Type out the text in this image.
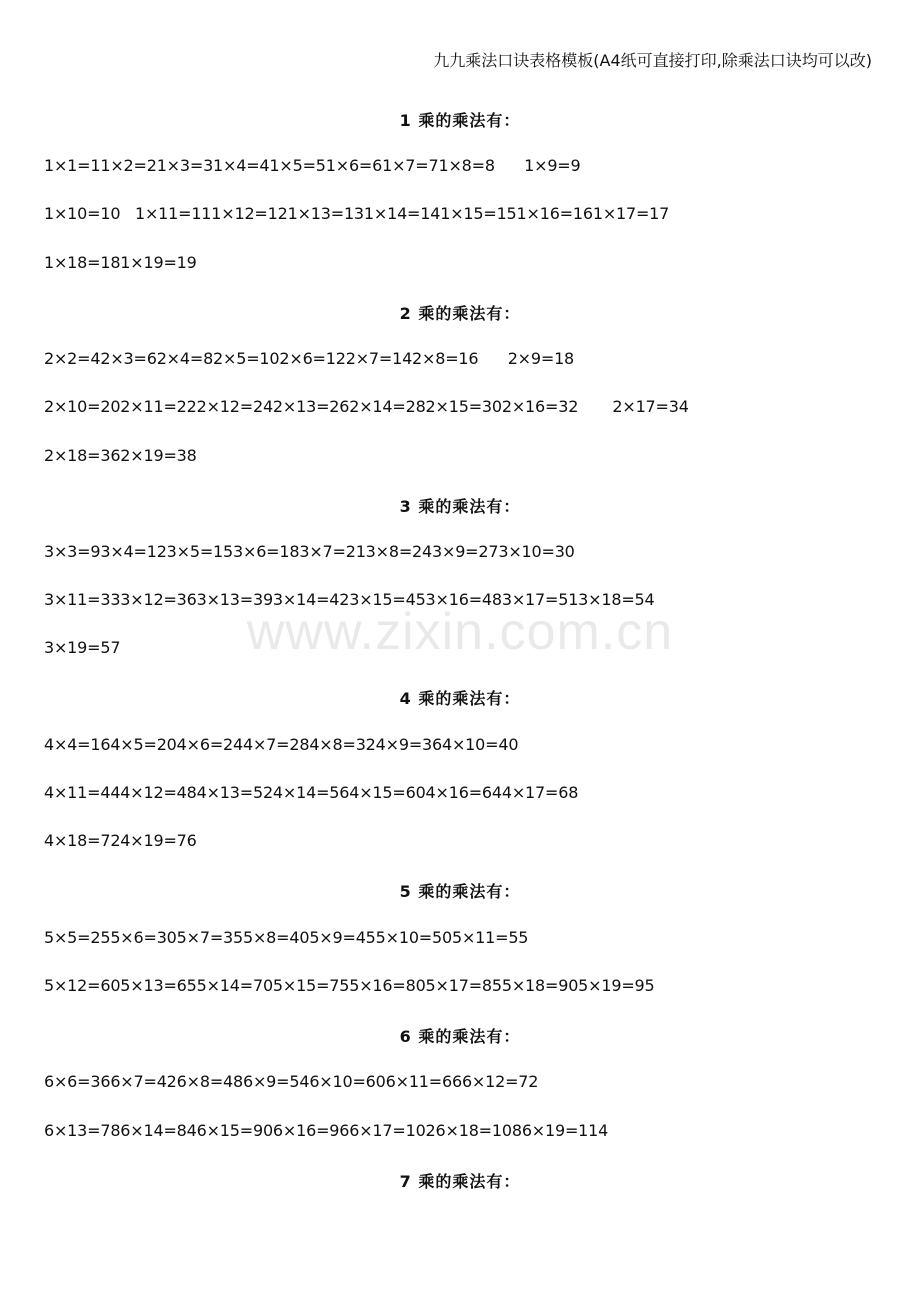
九九乘法口诀表格模板(A4纸可直接打印,除乘法口诀均可以改)
1 乘的乘法有：
1×1=11×2=21×3=31×4=41×5=51×6=61×7=71×8=8      1×9=9
1×10=10   1×11=111×12=121×13=131×14=141×15=151×16=161×17=17
1×18=181×19=19
2 乘的乘法有：
2×2=42×3=62×4=82×5=102×6=122×7=142×8=16      2×9=18
2×10=202×11=222×12=242×13=262×14=282×15=302×16=32       2×17=34
2×18=362×19=38
3 乘的乘法有：
3×3=93×4=123×5=153×6=183×7=213×8=243×9=273×10=30
3×11=333×12=363×13=393×14=423×15=453×16=483×17=513×18=54
3×19=57
4 乘的乘法有：
4×4=164×5=204×6=244×7=284×8=324×9=364×10=40
4×11=444×12=484×13=524×14=564×15=604×16=644×17=68
4×18=724×19=76
5 乘的乘法有：
5×5=255×6=305×7=355×8=405×9=455×10=505×11=55
5×12=605×13=655×14=705×15=755×16=805×17=855×18=905×19=95
6 乘的乘法有：
6×6=366×7=426×8=486×9=546×10=606×11=666×12=72
6×13=786×14=846×15=906×16=966×17=1026×18=1086×19=114
7 乘的乘法有：
www.zixin.com.cn
